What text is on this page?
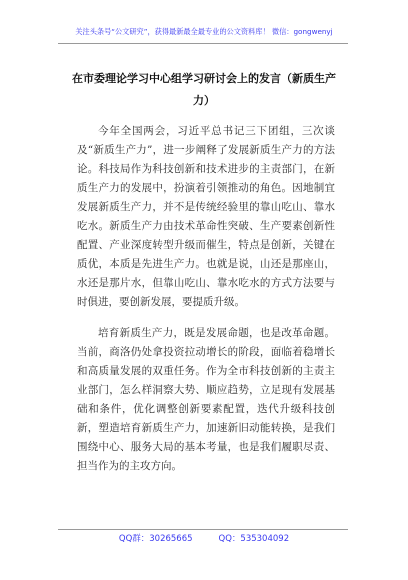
关注头条号“公文研究”，获得最新最全最专业的公文资料库！ 微信：gongwenyj
在市委理论学习中心组学习研讨会上的发言（新质生产力）

今年全国两会，习近平总书记三下团组，三次谈及“新质生产力”，进一步阐释了发展新质生产力的方法论。科技局作为科技创新和技术进步的主责部门，在新质生产力的发展中，扮演着引领推动的角色。因地制宜发展新质生产力，并不是传统经验里的靠山吃山、靠水吃水。新质生产力由技术革命性突破、生产要素创新性配置、产业深度转型升级而催生，特点是创新，关键在质优，本质是先进生产力。也就是说，山还是那座山，水还是那片水，但靠山吃山、靠水吃水的方式方法要与时俱进，要创新发展，要提质升级。

培育新质生产力，既是发展命题，也是改革命题。当前，商洛仍处拿投资拉动增长的阶段，面临着稳增长和高质量发展的双重任务。作为全市科技创新的主责主业部门，怎么样洞察大势、顺应趋势，立足现有发展基础和条件，优化调整创新要素配置，迭代升级科技创新，塑造培育新质生产力，加速新旧动能转换，是我们围绕中心、服务大局的基本考量，也是我们履职尽责、担当作为的主攻方向。

QQ群：30265665	QQ：535304092
